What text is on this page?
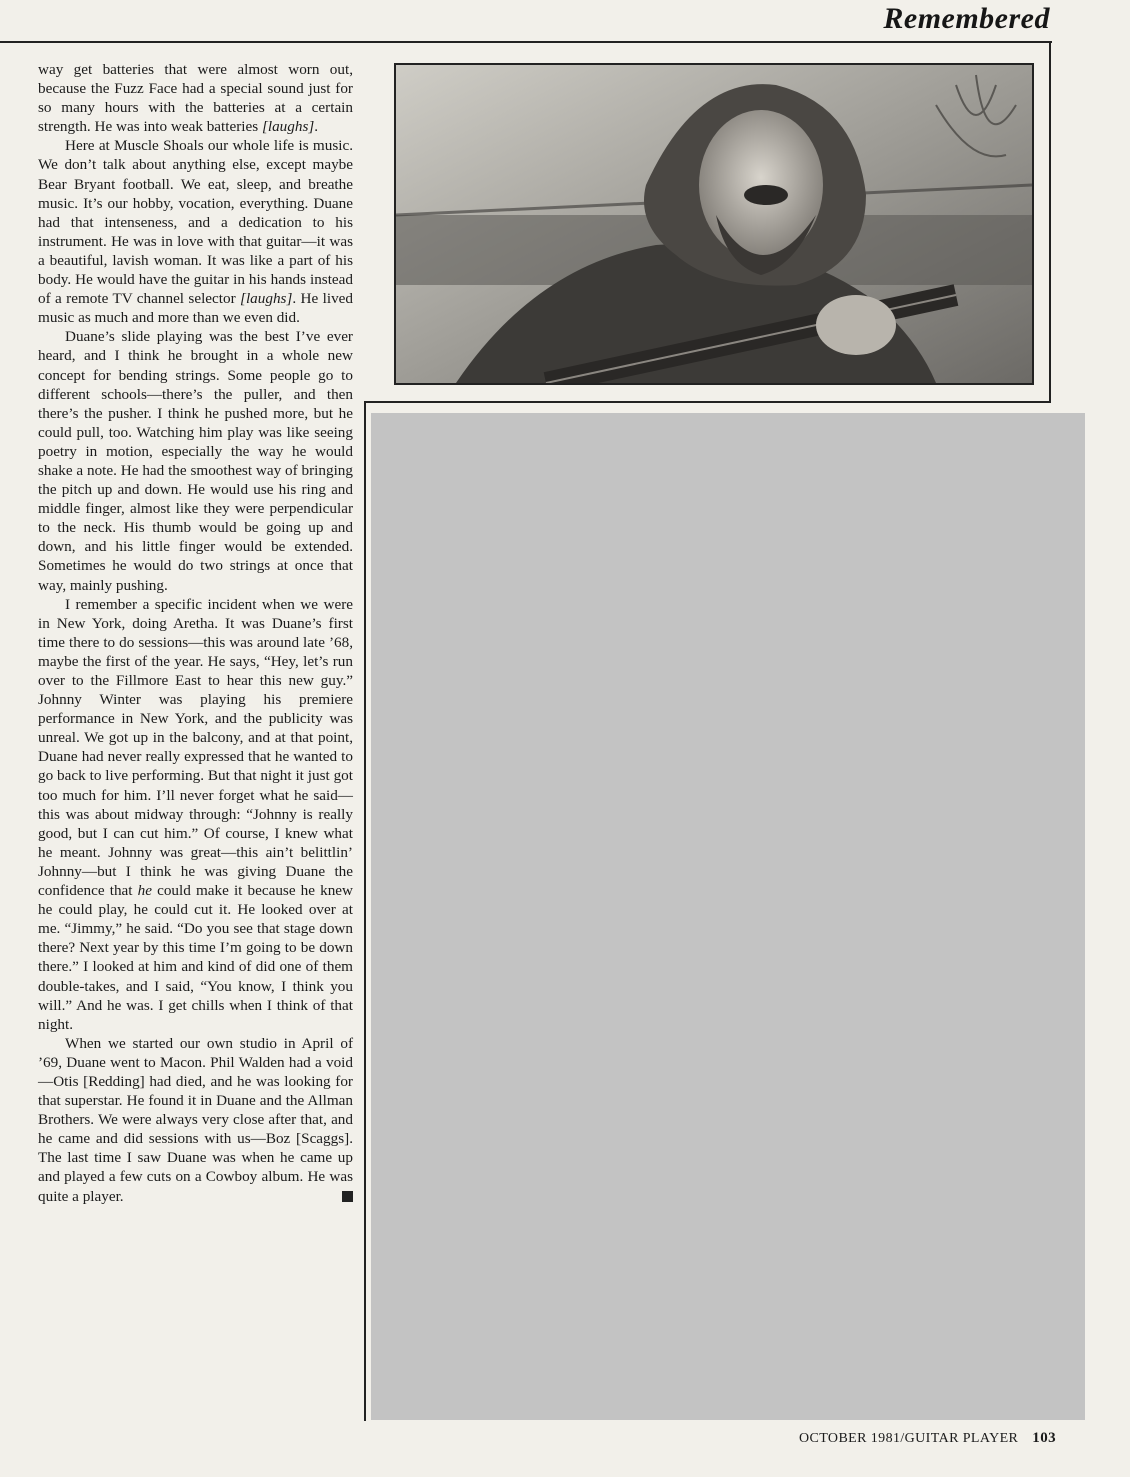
Remembered

way get batteries that were almost worn out, because the Fuzz Face had a special sound just for so many hours with the batteries at a certain strength. He was into weak batteries [laughs].

Here at Muscle Shoals our whole life is music. We don’t talk about anything else, except maybe Bear Bryant football. We eat, sleep, and breathe music. It’s our hobby, vocation, everything. Duane had that intenseness, and a dedication to his instrument. He was in love with that guitar—it was a beautiful, lavish woman. It was like a part of his body. He would have the guitar in his hands instead of a remote TV channel selector [laughs]. He lived music as much and more than we even did.

Duane’s slide playing was the best I’ve ever heard, and I think he brought in a whole new concept for bending strings. Some people go to different schools—there’s the puller, and then there’s the pusher. I think he pushed more, but he could pull, too. Watching him play was like seeing poetry in motion, especially the way he would shake a note. He had the smoothest way of bringing the pitch up and down. He would use his ring and middle finger, almost like they were perpendicular to the neck. His thumb would be going up and down, and his little finger would be extended. Sometimes he would do two strings at once that way, mainly pushing.

I remember a specific incident when we were in New York, doing Aretha. It was Duane’s first time there to do sessions—this was around late ’68, maybe the first of the year. He says, “Hey, let’s run over to the Fillmore East to hear this new guy.” Johnny Winter was playing his premiere performance in New York, and the publicity was unreal. We got up in the balcony, and at that point, Duane had never really expressed that he wanted to go back to live performing. But that night it just got too much for him. I’ll never forget what he said—this was about midway through: “Johnny is really good, but I can cut him.” Of course, I knew what he meant. Johnny was great—this ain’t belittlin’ Johnny—but I think he was giving Duane the confidence that he could make it because he knew he could play, he could cut it. He looked over at me. “Jimmy,” he said. “Do you see that stage down there? Next year by this time I’m going to be down there.” I looked at him and kind of did one of them double-takes, and I said, “You know, I think you will.” And he was. I get chills when I think of that night.

When we started our own studio in April of ’69, Duane went to Macon. Phil Walden had a void—Otis [Redding] had died, and he was looking for that superstar. He found it in Duane and the Allman Brothers. We were always very close after that, and he came and did sessions with us—Boz [Scaggs]. The last time I saw Duane was when he came up and played a few cuts on a Cowboy album. He was quite a player.

OCTOBER 1981/GUITAR PLAYER 103
